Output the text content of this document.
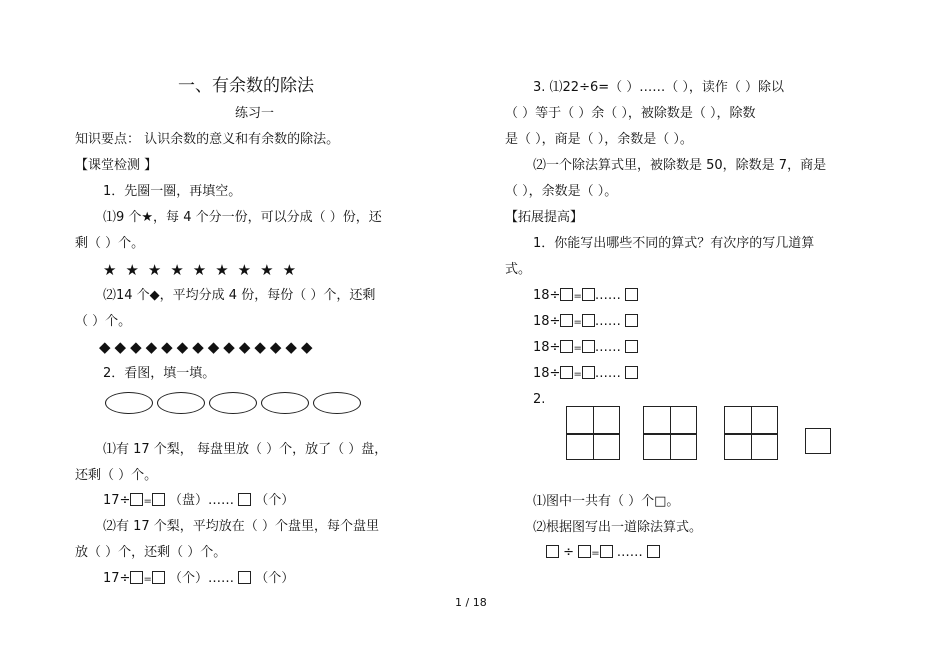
一、有余数的除法
练习一
知识要点： 认识余数的意义和有余数的除法。
【课堂检测 】
1．先圈一圈，再填空。
⑴9 个★，每 4 个分一份，可以分成（ ）份，还
剩（ ）个。
★★★★★★★★★
⑵14 个◆，平均分成 4 份，每份（ ）个，还剩
（ ）个。
◆◆◆◆◆◆◆◆◆◆◆◆◆◆
2．看图，填一填。
⑴有 17 个梨， 每盘里放（ ）个，放了（ ）盘，
还剩（ ）个。
17÷ = （盘）…… （个）
⑵有 17 个梨，平均放在（ ）个盘里，每个盘里
放（ ）个，还剩（ ）个。
17÷ = （个）…… （个）
3. ⑴22÷6=（ ）……（ ），读作（ ）除以
（ ）等于（ ）余（ ），被除数是（ ），除数
是（ ），商是（ ），余数是（ ）。
⑵一个除法算式里，被除数是 50，除数是 7，商是
（ ），余数是（ ）。
【拓展提高】
1．你能写出哪些不同的算式？有次序的写几道算
式。
18÷ = ……
18÷ = ……
18÷ = ……
18÷ = ……
2.
⑴图中一共有（ ）个□。
⑵根据图写出一道除法算式。
÷ = ……
1 / 18
